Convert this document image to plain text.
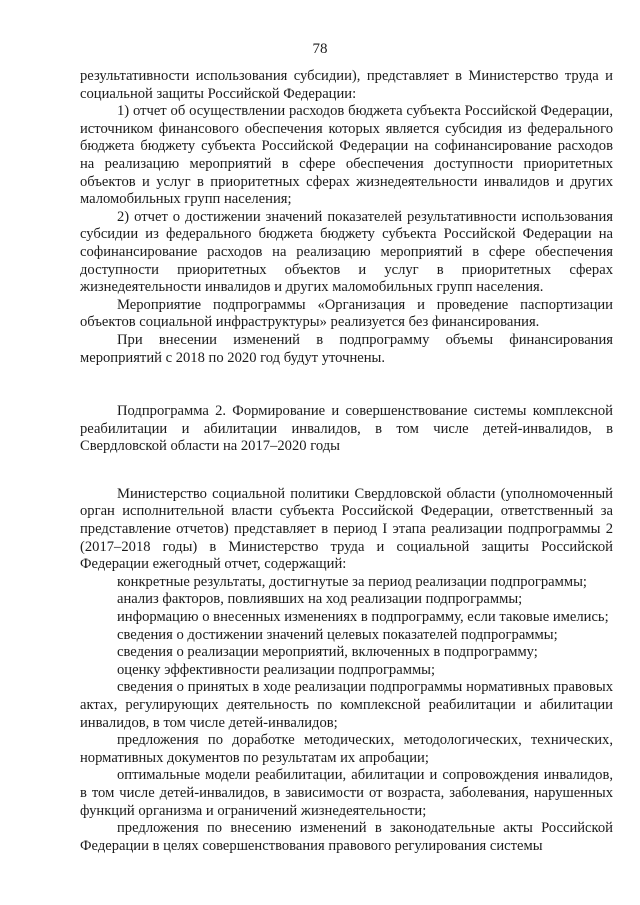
78

результативности использования субсидии), представляет в Министерство труда и социальной защиты Российской Федерации:

1) отчет об осуществлении расходов бюджета субъекта Российской Федерации, источником финансового обеспечения которых является субсидия из федерального бюджета бюджету субъекта Российской Федерации на софинансирование расходов на реализацию мероприятий в сфере обеспечения доступности приоритетных объектов и услуг в приоритетных сферах жизнедеятельности инвалидов и других маломобильных групп населения;

2) отчет о достижении значений показателей результативности использования субсидии из федерального бюджета бюджету субъекта Российской Федерации на софинансирование расходов на реализацию мероприятий в сфере обеспечения доступности приоритетных объектов и услуг в приоритетных сферах жизнедеятельности инвалидов и других маломобильных групп населения.

Мероприятие подпрограммы «Организация и проведение паспортизации объектов социальной инфраструктуры» реализуется без финансирования.

При внесении изменений в подпрограмму объемы финансирования мероприятий с 2018 по 2020 год будут уточнены.

Подпрограмма 2. Формирование и совершенствование системы комплексной реабилитации и абилитации инвалидов, в том числе детей-инвалидов, в Свердловской области на 2017–2020 годы

Министерство социальной политики Свердловской области (уполномоченный орган исполнительной власти субъекта Российской Федерации, ответственный за представление отчетов) представляет в период I этапа реализации подпрограммы 2 (2017–2018 годы) в Министерство труда и социальной защиты Российской Федерации ежегодный отчет, содержащий:

конкретные результаты, достигнутые за период реализации подпрограммы;

анализ факторов, повлиявших на ход реализации подпрограммы;

информацию о внесенных изменениях в подпрограмму, если таковые имелись;

сведения о достижении значений целевых показателей подпрограммы;

сведения о реализации мероприятий, включенных в подпрограмму;

оценку эффективности реализации подпрограммы;

сведения о принятых в ходе реализации подпрограммы нормативных правовых актах, регулирующих деятельность по комплексной реабилитации и абилитации инвалидов, в том числе детей-инвалидов;

предложения по доработке методических, методологических, технических, нормативных документов по результатам их апробации;

оптимальные модели реабилитации, абилитации и сопровождения инвалидов, в том числе детей-инвалидов, в зависимости от возраста, заболевания, нарушенных функций организма и ограничений жизнедеятельности;

предложения по внесению изменений в законодательные акты Российской Федерации в целях совершенствования правового регулирования системы
